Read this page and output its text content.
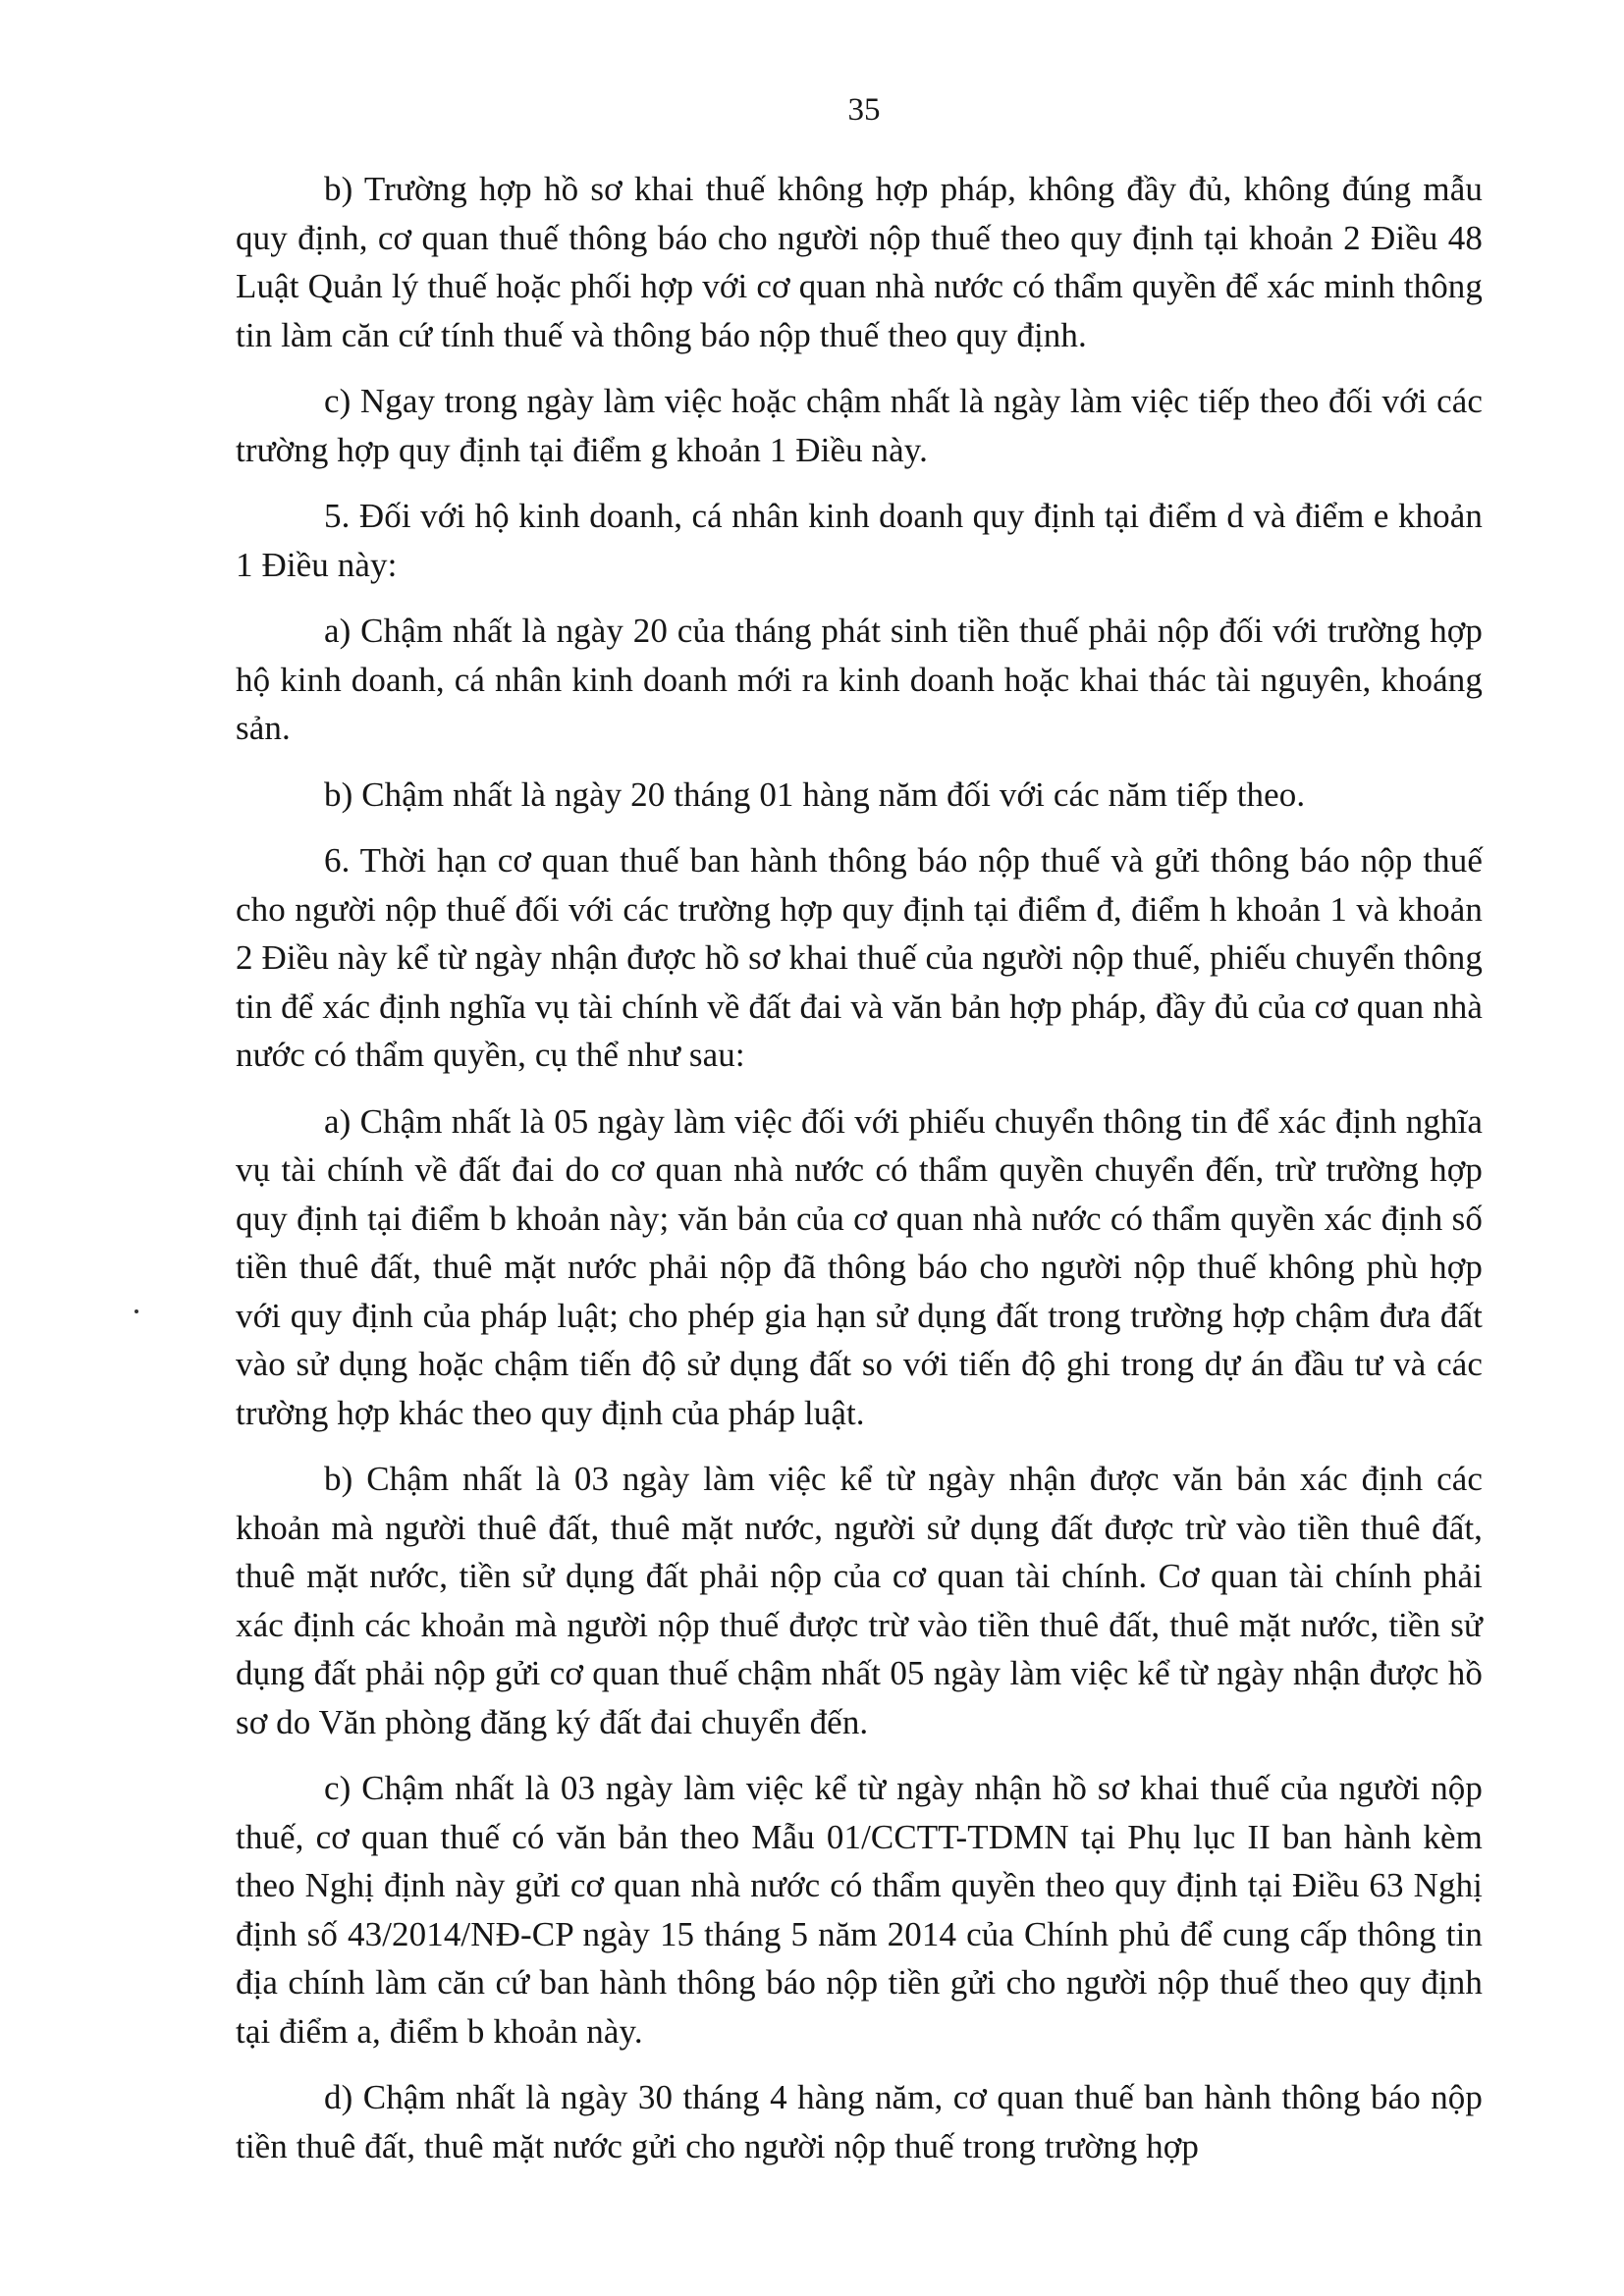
35

b) Trường hợp hồ sơ khai thuế không hợp pháp, không đầy đủ, không đúng mẫu quy định, cơ quan thuế thông báo cho người nộp thuế theo quy định tại khoản 2 Điều 48 Luật Quản lý thuế hoặc phối hợp với cơ quan nhà nước có thẩm quyền để xác minh thông tin làm căn cứ tính thuế và thông báo nộp thuế theo quy định.

c) Ngay trong ngày làm việc hoặc chậm nhất là ngày làm việc tiếp theo đối với các trường hợp quy định tại điểm g khoản 1 Điều này.

5. Đối với hộ kinh doanh, cá nhân kinh doanh quy định tại điểm d và điểm e khoản 1 Điều này:

a) Chậm nhất là ngày 20 của tháng phát sinh tiền thuế phải nộp đối với trường hợp hộ kinh doanh, cá nhân kinh doanh mới ra kinh doanh hoặc khai thác tài nguyên, khoáng sản.

b) Chậm nhất là ngày 20 tháng 01 hàng năm đối với các năm tiếp theo.

6. Thời hạn cơ quan thuế ban hành thông báo nộp thuế và gửi thông báo nộp thuế cho người nộp thuế đối với các trường hợp quy định tại điểm đ, điểm h khoản 1 và khoản 2 Điều này kể từ ngày nhận được hồ sơ khai thuế của người nộp thuế, phiếu chuyển thông tin để xác định nghĩa vụ tài chính về đất đai và văn bản hợp pháp, đầy đủ của cơ quan nhà nước có thẩm quyền, cụ thể như sau:

a) Chậm nhất là 05 ngày làm việc đối với phiếu chuyển thông tin để xác định nghĩa vụ tài chính về đất đai do cơ quan nhà nước có thẩm quyền chuyển đến, trừ trường hợp quy định tại điểm b khoản này; văn bản của cơ quan nhà nước có thẩm quyền xác định số tiền thuê đất, thuê mặt nước phải nộp đã thông báo cho người nộp thuế không phù hợp với quy định của pháp luật; cho phép gia hạn sử dụng đất trong trường hợp chậm đưa đất vào sử dụng hoặc chậm tiến độ sử dụng đất so với tiến độ ghi trong dự án đầu tư và các trường hợp khác theo quy định của pháp luật.

b) Chậm nhất là 03 ngày làm việc kể từ ngày nhận được văn bản xác định các khoản mà người thuê đất, thuê mặt nước, người sử dụng đất được trừ vào tiền thuê đất, thuê mặt nước, tiền sử dụng đất phải nộp của cơ quan tài chính. Cơ quan tài chính phải xác định các khoản mà người nộp thuế được trừ vào tiền thuê đất, thuê mặt nước, tiền sử dụng đất phải nộp gửi cơ quan thuế chậm nhất 05 ngày làm việc kể từ ngày nhận được hồ sơ do Văn phòng đăng ký đất đai chuyển đến.

c) Chậm nhất là 03 ngày làm việc kể từ ngày nhận hồ sơ khai thuế của người nộp thuế, cơ quan thuế có văn bản theo Mẫu 01/CCTT-TDMN tại Phụ lục II ban hành kèm theo Nghị định này gửi cơ quan nhà nước có thẩm quyền theo quy định tại Điều 63 Nghị định số 43/2014/NĐ-CP ngày 15 tháng 5 năm 2014 của Chính phủ để cung cấp thông tin địa chính làm căn cứ ban hành thông báo nộp tiền gửi cho người nộp thuế theo quy định tại điểm a, điểm b khoản này.

d) Chậm nhất là ngày 30 tháng 4 hàng năm, cơ quan thuế ban hành thông báo nộp tiền thuê đất, thuê mặt nước gửi cho người nộp thuế trong trường hợp
